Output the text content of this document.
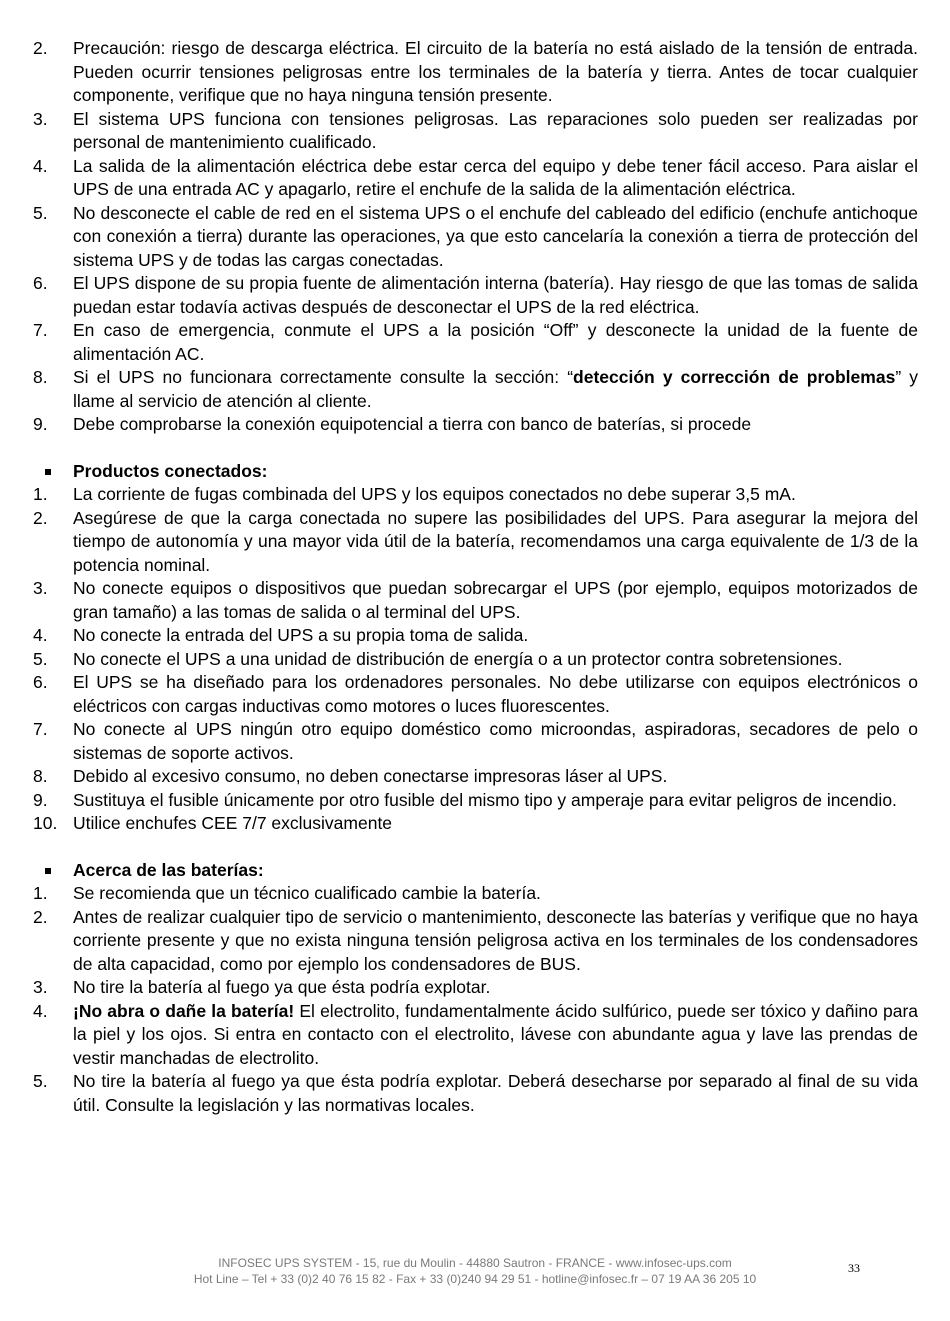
2. Precaución: riesgo de descarga eléctrica. El circuito de la batería no está aislado de la tensión de entrada. Pueden ocurrir tensiones peligrosas entre los terminales de la batería y tierra. Antes de tocar cualquier componente, verifique que no haya ninguna tensión presente.
3. El sistema UPS funciona con tensiones peligrosas. Las reparaciones solo pueden ser realizadas por personal de mantenimiento cualificado.
4. La salida de la alimentación eléctrica debe estar cerca del equipo y debe tener fácil acceso. Para aislar el UPS de una entrada AC y apagarlo, retire el enchufe de la salida de la alimentación eléctrica.
5. No desconecte el cable de red en el sistema UPS o el enchufe del cableado del edificio (enchufe antichoque con conexión a tierra) durante las operaciones, ya que esto cancelaría la conexión a tierra de protección del sistema UPS y de todas las cargas conectadas.
6. El UPS dispone de su propia fuente de alimentación interna (batería). Hay riesgo de que las tomas de salida puedan estar todavía activas después de desconectar el UPS de la red eléctrica.
7. En caso de emergencia, conmute el UPS a la posición “Off” y desconecte la unidad de la fuente de alimentación AC.
8. Si el UPS no funcionara correctamente consulte la sección: “detección y corrección de problemas” y llame al servicio de atención al cliente.
9. Debe comprobarse la conexión equipotencial a tierra con banco de baterías, si procede
Productos conectados:
1. La corriente de fugas combinada del UPS y los equipos conectados no debe superar 3,5 mA.
2. Asegúrese de que la carga conectada no supere las posibilidades del UPS. Para asegurar la mejora del tiempo de autonomía y una mayor vida útil de la batería, recomendamos una carga equivalente de 1/3 de la potencia nominal.
3. No conecte equipos o dispositivos que puedan sobrecargar el UPS (por ejemplo, equipos motorizados de gran tamaño) a las tomas de salida o al terminal del UPS.
4. No conecte la entrada del UPS a su propia toma de salida.
5. No conecte el UPS a una unidad de distribución de energía o a un protector contra sobretensiones.
6. El UPS se ha diseñado para los ordenadores personales. No debe utilizarse con equipos electrónicos o eléctricos con cargas inductivas como motores o luces fluorescentes.
7. No conecte al UPS ningún otro equipo doméstico como microondas, aspiradoras, secadores de pelo o sistemas de soporte activos.
8. Debido al excesivo consumo, no deben conectarse impresoras láser al UPS.
9. Sustituya el fusible únicamente por otro fusible del mismo tipo y amperaje para evitar peligros de incendio.
10. Utilice enchufes CEE 7/7 exclusivamente
Acerca de las baterías:
1. Se recomienda que un técnico cualificado cambie la batería.
2. Antes de realizar cualquier tipo de servicio o mantenimiento, desconecte las baterías y verifique que no haya corriente presente y que no exista ninguna tensión peligrosa activa en los terminales de los condensadores de alta capacidad, como por ejemplo los condensadores de BUS.
3. No tire la batería al fuego ya que ésta podría explotar.
4. ¡No abra o dañe la batería! El electrolito, fundamentalmente ácido sulfúrico, puede ser tóxico y dañino para la piel y los ojos. Si entra en contacto con el electrolito, lávese con abundante agua y lave las prendas de vestir manchadas de electrolito.
5. No tire la batería al fuego ya que ésta podría explotar. Deberá desecharse por separado al final de su vida útil. Consulte la legislación y las normativas locales.
INFOSEC UPS SYSTEM - 15, rue du Moulin - 44880 Sautron - FRANCE - www.infosec-ups.com
Hot Line – Tel + 33 (0)2 40 76 15 82 - Fax + 33 (0)240 94 29 51 - hotline@infosec.fr – 07 19 AA 36 205 10
33
